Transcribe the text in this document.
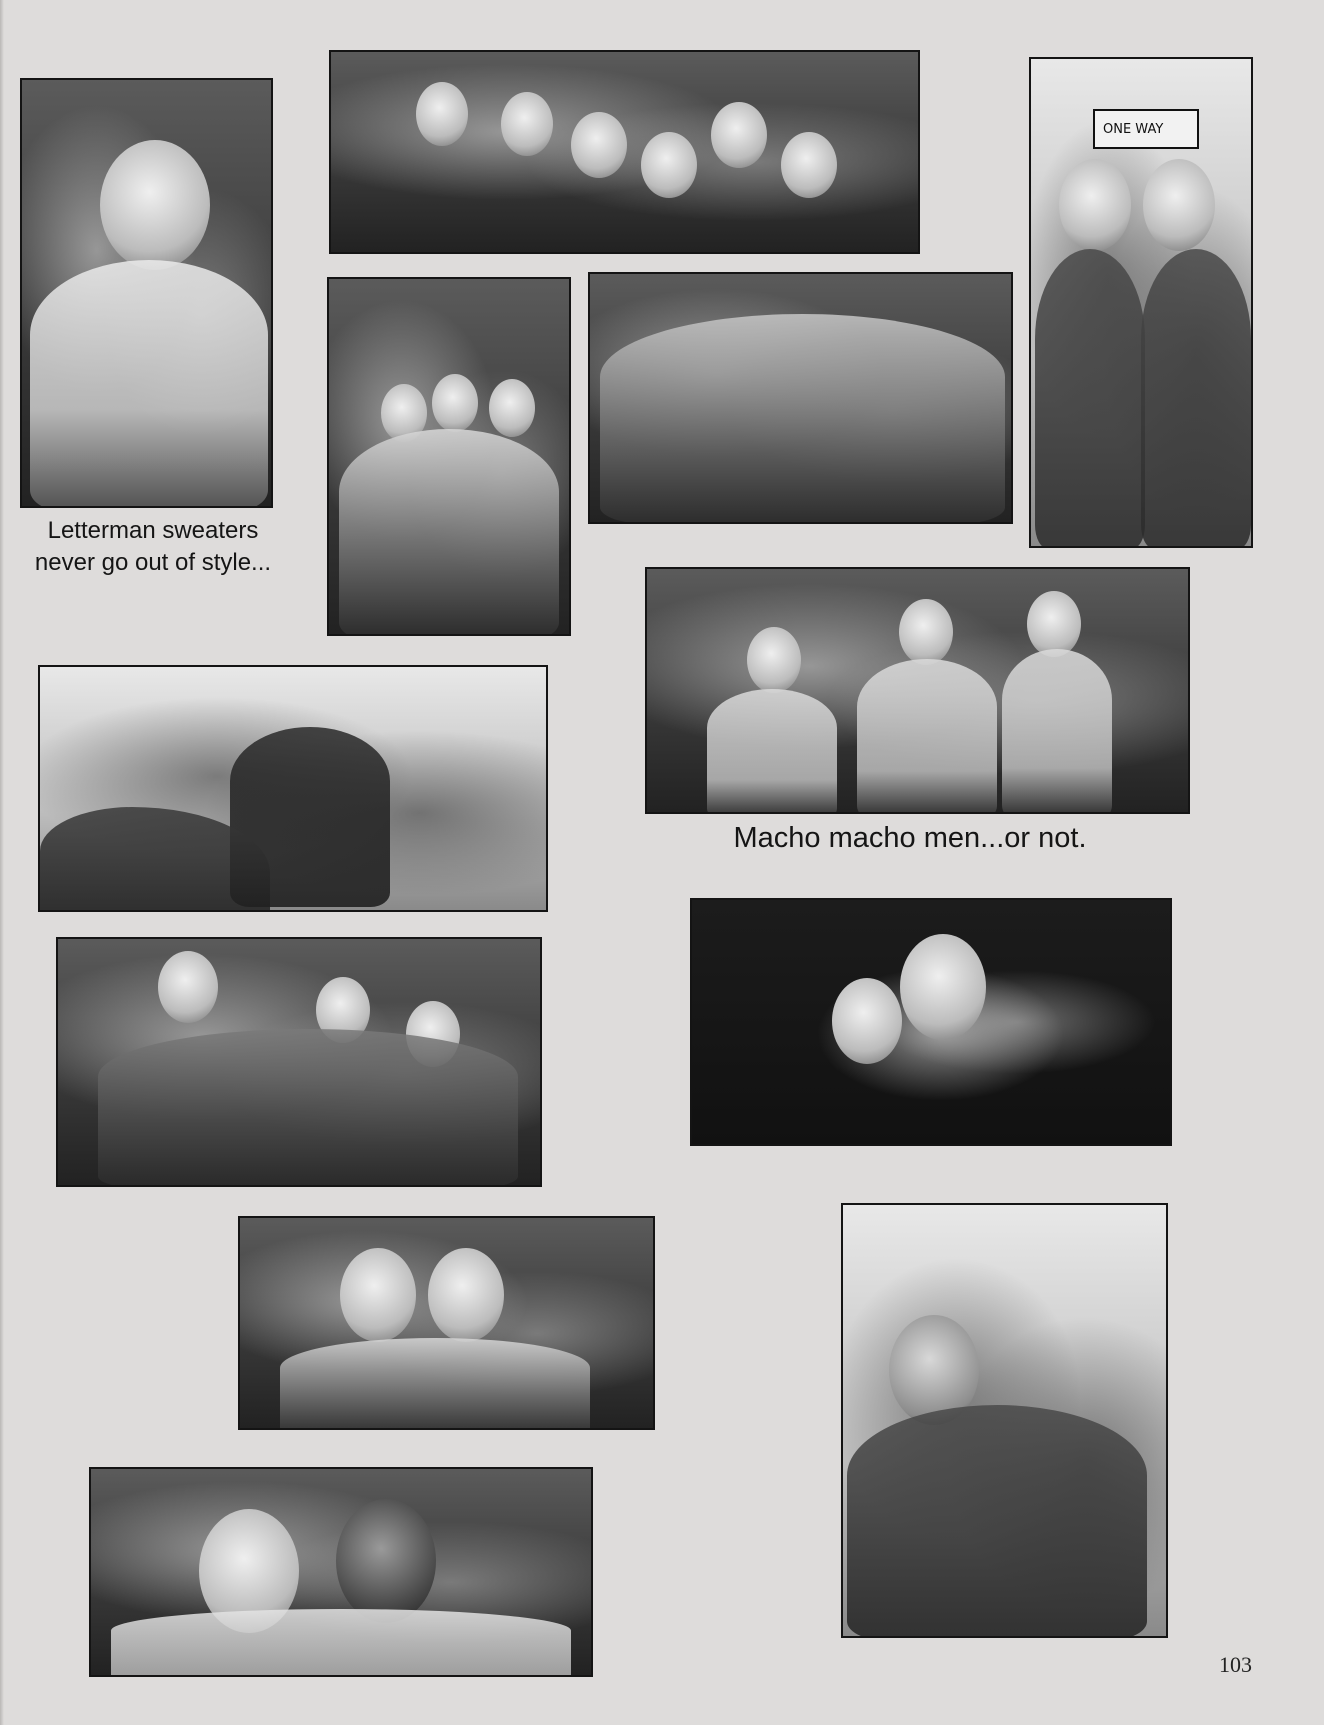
ONE WAY
Macho macho men...or not.
Letterman sweaters never go out of style...
103
